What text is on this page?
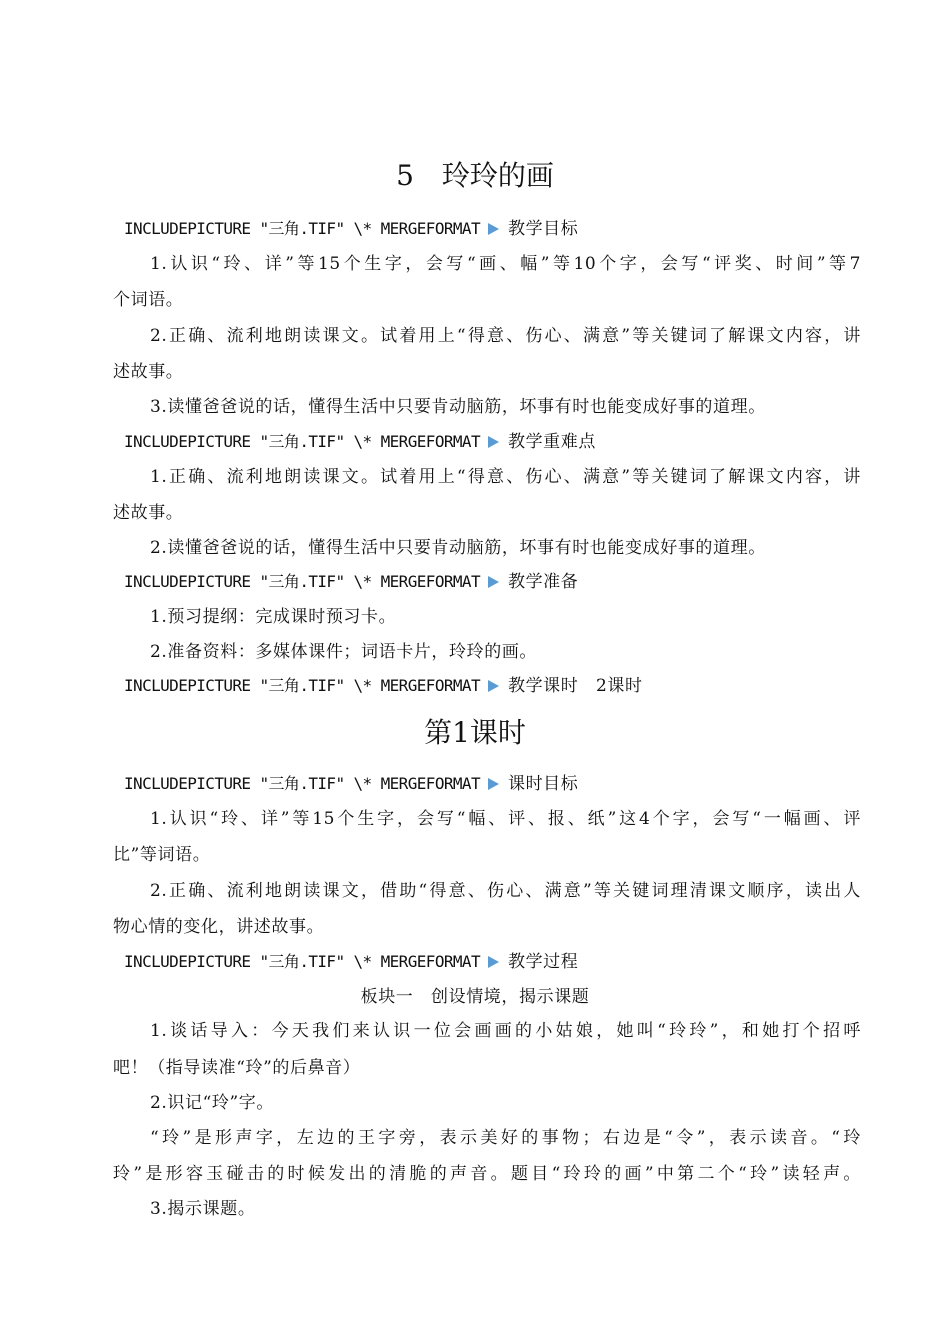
5　玲玲的画
INCLUDEPICTURE "三角.TIF" \* MERGEFORMAT 教学目标
1.认识“玲、详”等15个生字，会写“画、幅”等10个字，会写“评奖、时间”等7
个词语。
2.正确、流利地朗读课文。试着用上“得意、伤心、满意”等关键词了解课文内容，讲
述故事。
3.读懂爸爸说的话，懂得生活中只要肯动脑筋，坏事有时也能变成好事的道理。
INCLUDEPICTURE "三角.TIF" \* MERGEFORMAT 教学重难点
1.正确、流利地朗读课文。试着用上“得意、伤心、满意”等关键词了解课文内容，讲
述故事。
2.读懂爸爸说的话，懂得生活中只要肯动脑筋，坏事有时也能变成好事的道理。
INCLUDEPICTURE "三角.TIF" \* MERGEFORMAT 教学准备
1.预习提纲：完成课时预习卡。
2.准备资料：多媒体课件；词语卡片，玲玲的画。
INCLUDEPICTURE "三角.TIF" \* MERGEFORMAT 教学课时　2课时
第1课时
INCLUDEPICTURE "三角.TIF" \* MERGEFORMAT 课时目标
1.认识“玲、详”等15个生字，会写“幅、评、报、纸”这4个字，会写“一幅画、评
比”等词语。
2.正确、流利地朗读课文，借助“得意、伤心、满意”等关键词理清课文顺序，读出人
物心情的变化，讲述故事。
INCLUDEPICTURE "三角.TIF" \* MERGEFORMAT 教学过程
板块一　创设情境，揭示课题
1.谈话导入：今天我们来认识一位会画画的小姑娘，她叫“玲玲”，和她打个招呼
吧！（指导读准“玲”的后鼻音）
2.识记“玲”字。
“玲”是形声字，左边的王字旁，表示美好的事物；右边是“令”，表示读音。“玲
玲”是形容玉碰击的时候发出的清脆的声音。题目“玲玲的画”中第二个“玲”读轻声。
3.揭示课题。
